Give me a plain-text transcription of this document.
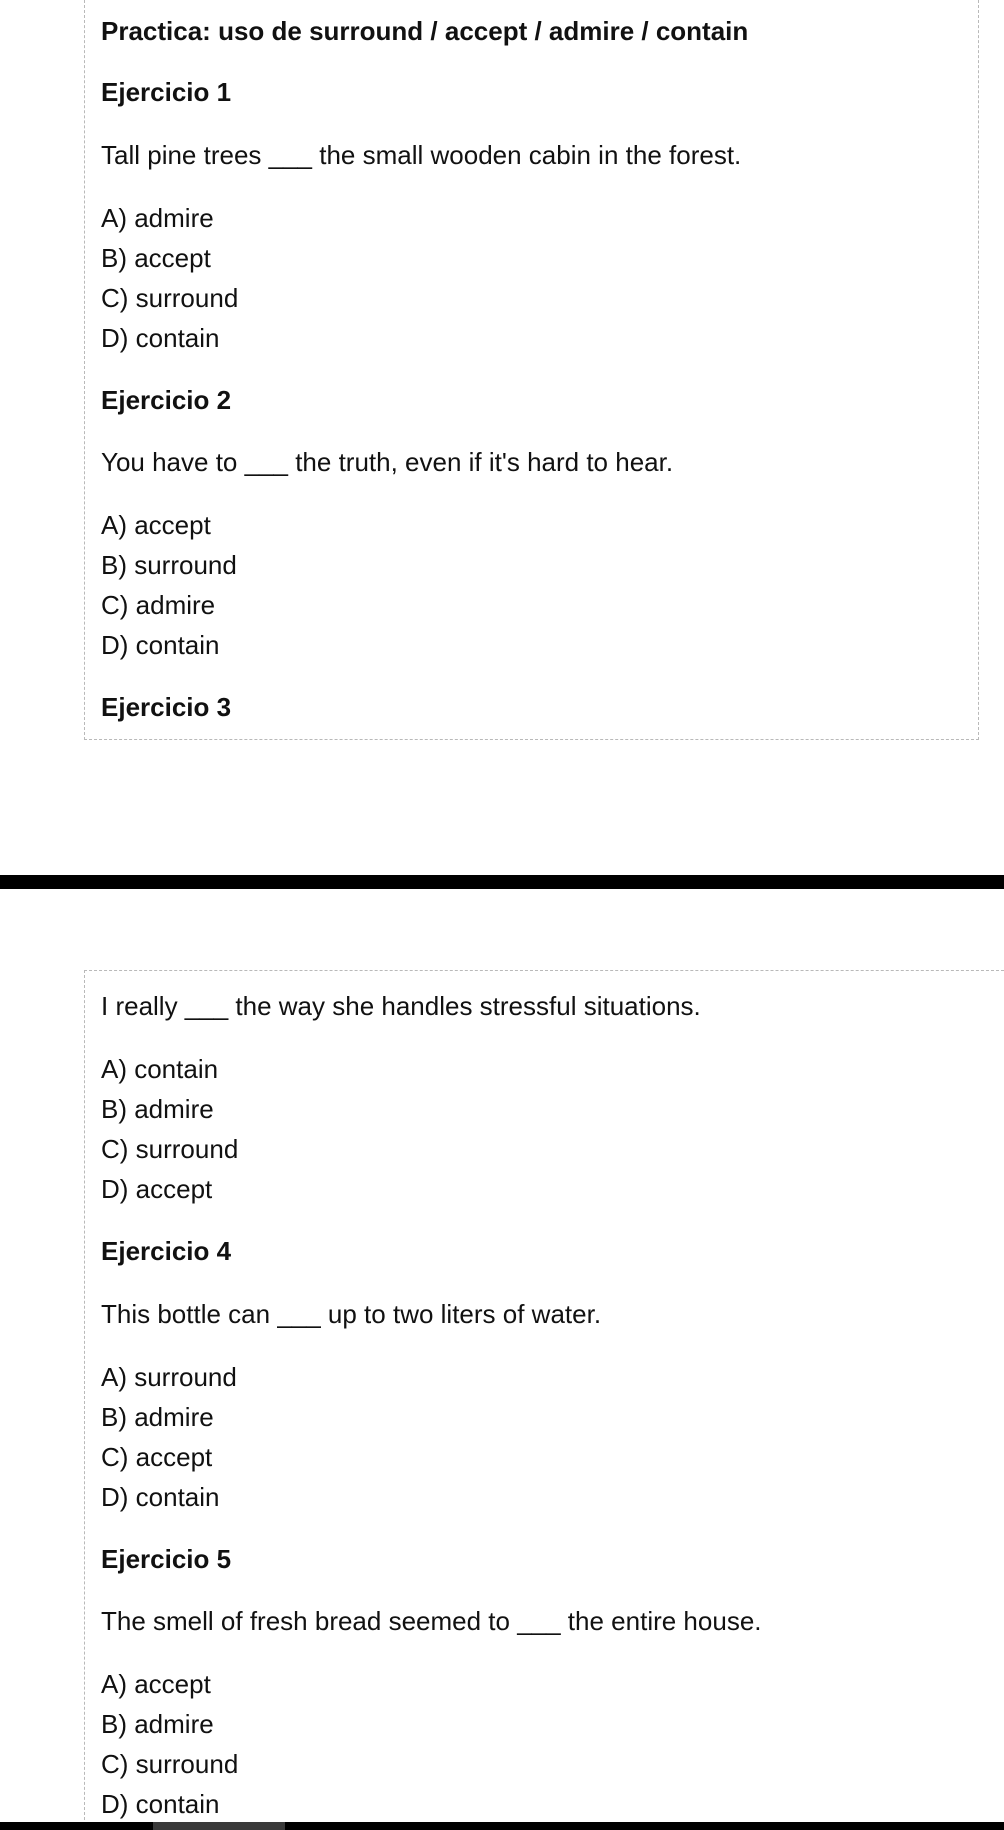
Practica: uso de surround / accept / admire / contain
Ejercicio 1
Tall pine trees ___ the small wooden cabin in the forest.
A) admire
B) accept
C) surround
D) contain
Ejercicio 2
You have to ___ the truth, even if it's hard to hear.
A) accept
B) surround
C) admire
D) contain
Ejercicio 3
I really ___ the way she handles stressful situations.
A) contain
B) admire
C) surround
D) accept
Ejercicio 4
This bottle can ___ up to two liters of water.
A) surround
B) admire
C) accept
D) contain
Ejercicio 5
The smell of fresh bread seemed to ___ the entire house.
A) accept
B) admire
C) surround
D) contain
